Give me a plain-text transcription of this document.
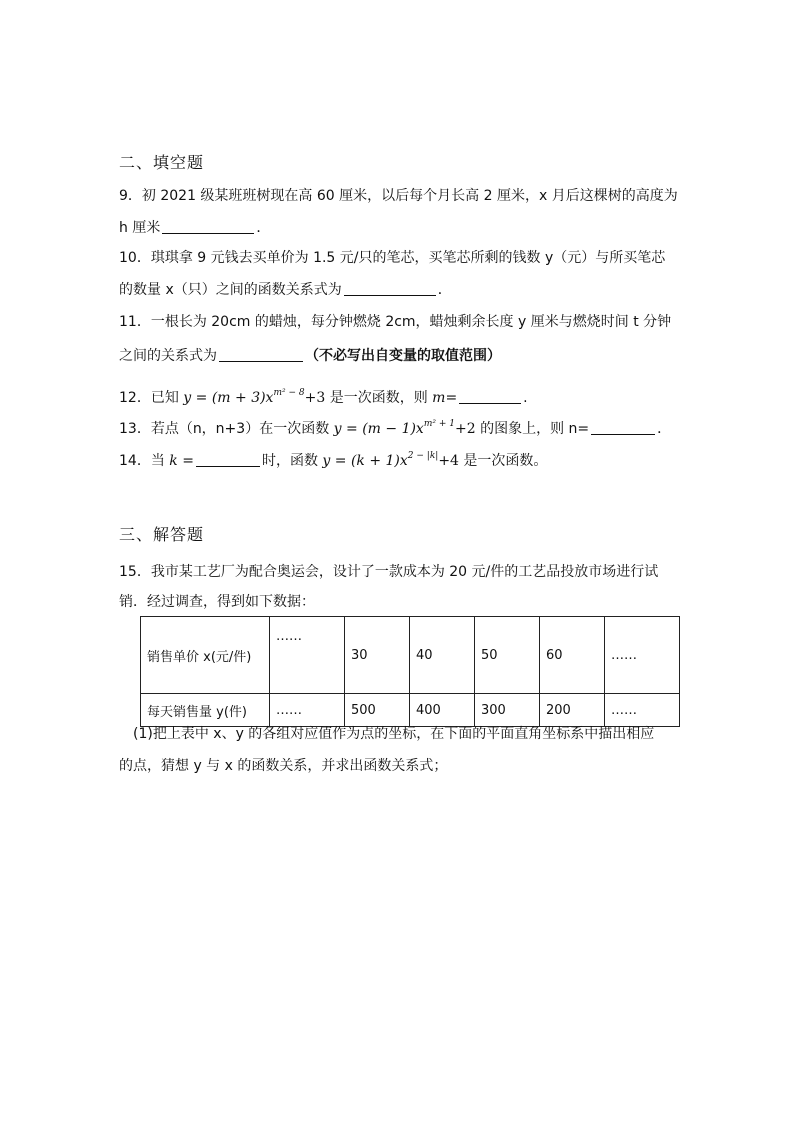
二、填空题
9．初 2021 级某班班树现在高 60 厘米，以后每个月长高 2 厘米，x 月后这棵树的高度为
h 厘米	．
10．琪琪拿 9 元钱去买单价为 1.5 元/只的笔芯，买笔芯所剩的钱数 y（元）与所买笔芯
的数量 x（只）之间的函数关系式为	．
11．一根长为 20cm 的蜡烛，每分钟燃烧 2cm，蜡烛剩余长度 y 厘米与燃烧时间 t 分钟
之间的关系式为	（不必写出自变量的取值范围）
12．已知 $y = (m + 3)x^{m^2 - 8}+3$ 是一次函数，则 m=	.
13．若点（n，n+3）在一次函数 $y = (m - 1)x^{m^2 + 1}+2$ 的图象上，则 n=	．
14．当 k =	时，函数 $y = (k + 1)x^{2 - |k|}+4$ 是一次函数。
三、解答题
15．我市某工艺厂为配合奥运会，设计了一款成本为 20 元/件的工艺品投放市场进行试
销．经过调查，得到如下数据：
销售单价 x(元/件)	……	30	40	50	60	……
每天销售量 y(件)	……	500	400	300	200	……
(1)把上表中 x、y 的各组对应值作为点的坐标，在下面的平面直角坐标系中描出相应
的点，猜想 y 与 x 的函数关系，并求出函数关系式；
